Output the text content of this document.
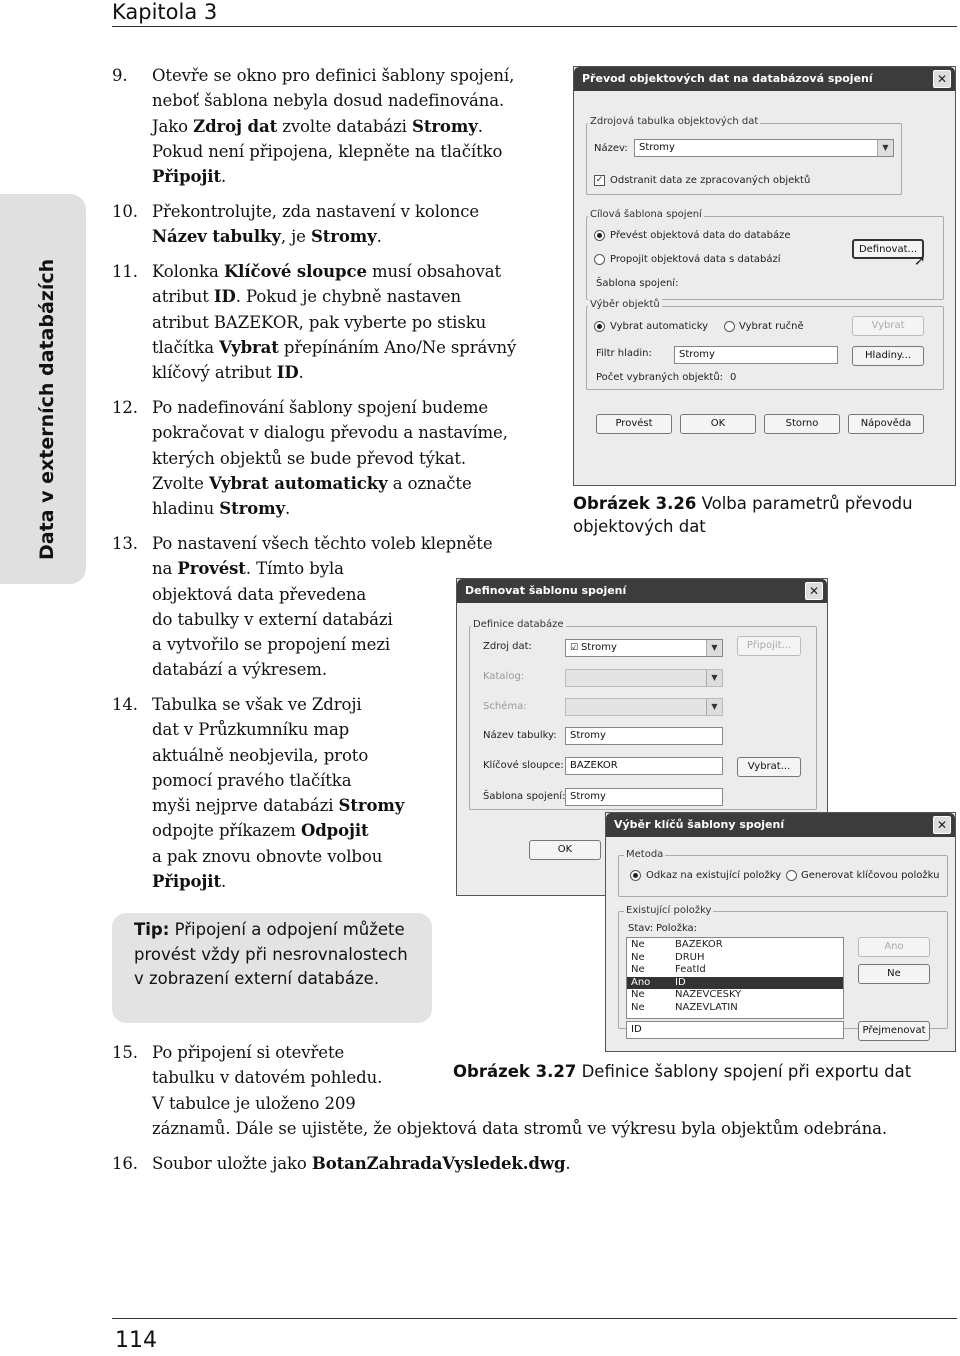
Kapitola 3
Data v externích databázích
9. Otevře se okno pro definici šablony spojení,
neboť šablona nebyla dosud nadefinována.
Jako Zdroj dat zvolte databázi Stromy.
Pokud není připojena, klepněte na tlačítko
Připojit.
10. Překontrolujte, zda nastavení v kolonce
Název tabulky, je Stromy.
11. Kolonka Klíčové sloupce musí obsahovat
atribut ID. Pokud je chybně nastaven
atribut BAZEKOR, pak vyberte po stisku
tlačítka Vybrat přepínáním Ano/Ne správný
klíčový atribut ID.
12. Po nadefinování šablony spojení budeme
pokračovat v dialogu převodu a nastavíme,
kterých objektů se bude převod týkat.
Zvolte Vybrat automaticky a označte
hladinu Stromy.
13. Po nastavení všech těchto voleb klepněte
na Provést. Tímto byla
objektová data převedena
do tabulky v externí databázi
a vytvořilo se propojení mezi
databází a výkresem.
14. Tabulka se však ve Zdroji
dat v Průzkumníku map
aktuálně neobjevila, proto
pomocí pravého tlačítka
myši nejprve databázi Stromy
odpojte příkazem Odpojit
a pak znovu obnovte volbou
Připojit.
Tip: Připojení a odpojení můžete provést vždy při nesrovnalostech v zobrazení externí databáze.
15. Po připojení si otevřete
tabulku v datovém pohledu.
V tabulce je uloženo 209
záznamů. Dále se ujistěte, že objektová data stromů ve výkresu byla objektům odebrána.
16. Soubor uložte jako BotanZahradaVysledek.dwg.
Obrázek 3.26 Volba parametrů převodu objektových dat
Obrázek 3.27 Definice šablony spojení při exportu dat
Převod objektových dat na databázová spojení	✕
Zdrojová tabulka objektových dat
Název:	Stromy	▼
✓ Odstranit data ze zpracovaných objektů
Cílová šablona spojení
Převést objektová data do databáze
Propojit objektová data s databází
Šablona spojení:
Definovat...
➚
Výběr objektů
Vybrat automaticky	Vybrat ručně	Vybrat
Filtr hladin:	Stromy	Hladiny...
Počet vybraných objektů: 0
Provést	OK	Storno	Nápověda
Definovat šablonu spojení	✕
Definice databáze
Zdroj dat:	☑ Stromy	▼	Připojit...
Katalog:	▼
Schéma:	▼
Název tabulky:	Stromy
Klíčové sloupce: BAZEKOR	Vybrat...
Šablona spojení: Stromy
OK
Výběr klíčů šablony spojení	✕
Metoda
Odkaz na existující položky Generovat klíčovou položku
Existující položky
Stav: Položka:
Ne	BAZEKOR
Ne	DRUH
Ne	FeatId
Ano ID
Ne	NAZEVCESKY
Ne	NAZEVLATIN
Ano
Ne
ID	Přejmenovat
114
